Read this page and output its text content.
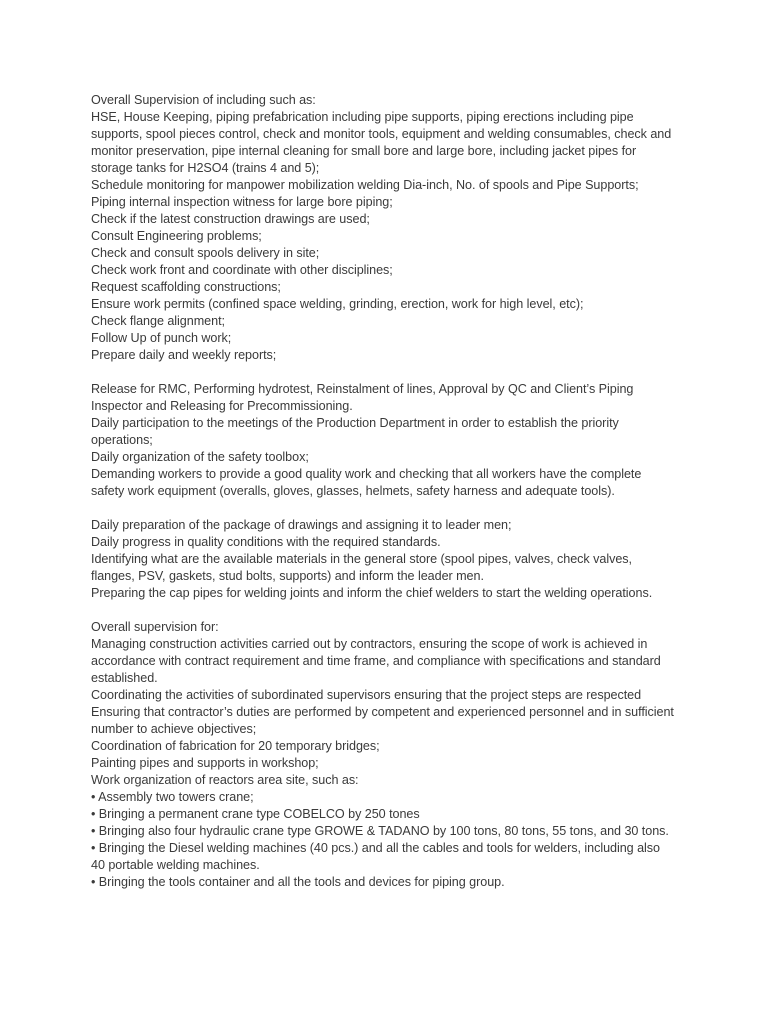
Overall Supervision of including such as:
HSE, House Keeping, piping prefabrication including pipe supports, piping erections including pipe
supports, spool pieces control, check and monitor tools, equipment and welding consumables, check and
monitor preservation, pipe internal cleaning for small bore and large bore, including jacket pipes for
storage tanks for H2SO4 (trains 4 and 5);
Schedule monitoring for manpower mobilization welding Dia-inch, No. of spools and Pipe Supports;
Piping internal inspection witness for large bore piping;
Check if the latest construction drawings are used;
Consult Engineering problems;
Check and consult spools delivery in site;
Check work front and coordinate with other disciplines;
Request scaffolding constructions;
Ensure work permits (confined space welding, grinding, erection, work for high level, etc);
Check flange alignment;
Follow Up of punch work;
Prepare daily and weekly reports;
Release for RMC, Performing hydrotest, Reinstalment of lines, Approval by QC and Client’s Piping
Inspector and Releasing for Precommissioning.
Daily participation to the meetings of the Production Department in order to establish the priority
operations;
Daily organization of the safety toolbox;
Demanding workers to provide a good quality work and checking that all workers have the complete
safety work equipment (overalls, gloves, glasses, helmets, safety harness and adequate tools).
Daily preparation of the package of drawings and assigning it to leader men;
Daily progress in quality conditions with the required standards.
Identifying what are the available materials in the general store (spool pipes, valves, check valves,
flanges, PSV, gaskets, stud bolts, supports) and inform the leader men.
Preparing the cap pipes for welding joints and inform the chief welders to start the welding operations.
Overall supervision for:
Managing construction activities carried out by contractors, ensuring the scope of work is achieved in
accordance with contract requirement and time frame, and compliance with specifications and standard
established.
Coordinating the activities of subordinated supervisors ensuring that the project steps are respected
Ensuring that contractor’s duties are performed by competent and experienced personnel and in sufficient
number to achieve objectives;
Coordination of fabrication for 20 temporary bridges;
Painting pipes and supports in workshop;
Work organization of reactors area site, such as:
• Assembly two towers crane;
• Bringing a permanent crane type COBELCO by 250 tones
• Bringing also four hydraulic crane type GROWE & TADANO by 100 tons, 80 tons, 55 tons, and 30 tons.
• Bringing the Diesel welding machines (40 pcs.) and all the cables and tools for welders, including also
40 portable welding machines.
• Bringing the tools container and all the tools and devices for piping group.
